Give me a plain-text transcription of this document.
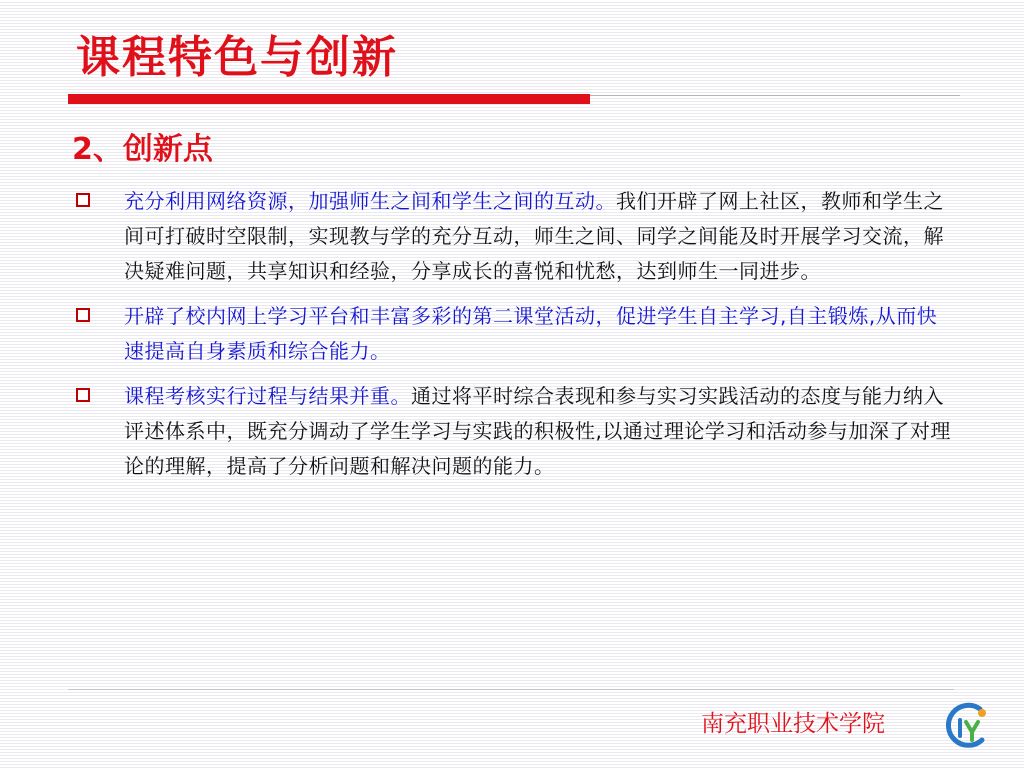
课程特色与创新
2、创新点
充分利用网络资源，加强师生之间和学生之间的互动。我们开辟了网上社区，教师和学生之间可打破时空限制，实现教与学的充分互动，师生之间、同学之间能及时开展学习交流，解决疑难问题，共享知识和经验，分享成长的喜悦和忧愁，达到师生一同进步。
开辟了校内网上学习平台和丰富多彩的第二课堂活动，促进学生自主学习,自主锻炼,从而快速提高自身素质和综合能力。
课程考核实行过程与结果并重。通过将平时综合表现和参与实习实践活动的态度与能力纳入评述体系中，既充分调动了学生学习与实践的积极性,以通过理论学习和活动参与加深了对理论的理解，提高了分析问题和解决问题的能力。
南充职业技术学院
